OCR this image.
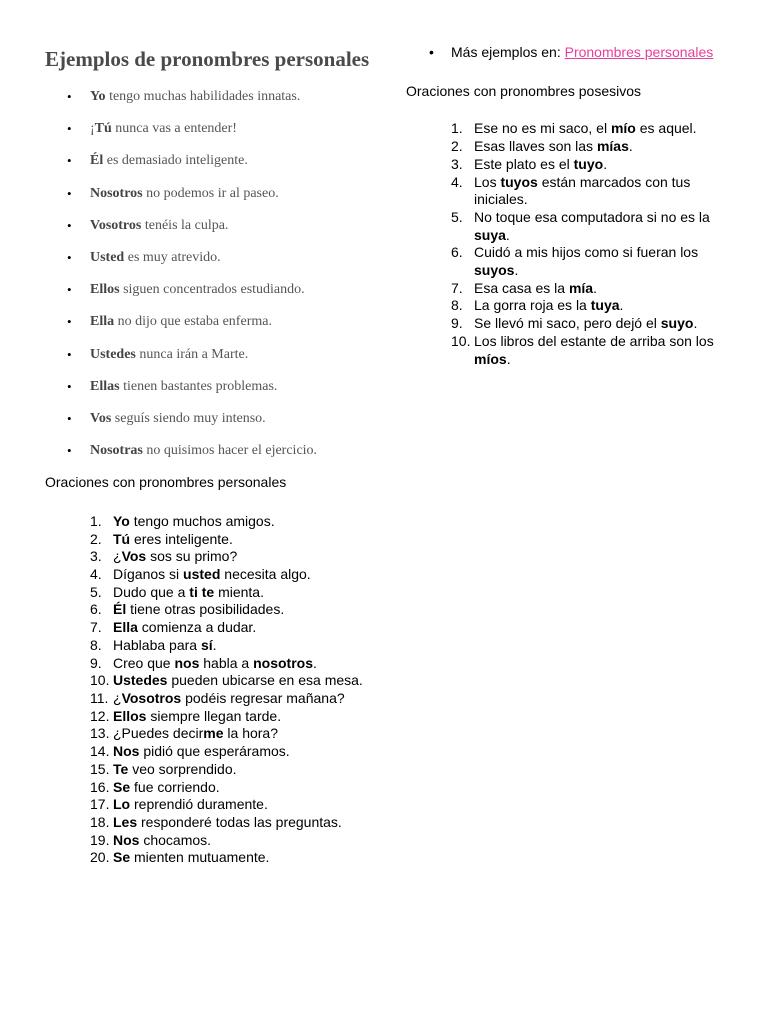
Ejemplos de pronombres personales
• Yo tengo muchas habilidades innatas.
• ¡Tú nunca vas a entender!
• Él es demasiado inteligente.
• Nosotros no podemos ir al paseo.
• Vosotros tenéis la culpa.
• Usted es muy atrevido.
• Ellos siguen concentrados estudiando.
• Ella no dijo que estaba enferma.
• Ustedes nunca irán a Marte.
• Ellas tienen bastantes problemas.
• Vos seguís siendo muy intenso.
• Nosotras no quisimos hacer el ejercicio.

Oraciones con pronombres personales

1. Yo tengo muchos amigos.
2. Tú eres inteligente.
3. ¿Vos sos su primo?
4. Díganos si usted necesita algo.
5. Dudo que a ti te mienta.
6. Él tiene otras posibilidades.
7. Ella comienza a dudar.
8. Hablaba para sí.
9. Creo que nos habla a nosotros.
10. Ustedes pueden ubicarse en esa mesa.
11. ¿Vosotros podéis regresar mañana?
12. Ellos siempre llegan tarde.
13. ¿Puedes decirme la hora?
14. Nos pidió que esperáramos.
15. Te veo sorprendido.
16. Se fue corriendo.
17. Lo reprendió duramente.
18. Les responderé todas las preguntas.
19. Nos chocamos.
20. Se mienten mutuamente.
• Más ejemplos en: Pronombres personales

Oraciones con pronombres posesivos

1. Ese no es mi saco, el mío es aquel.
2. Esas llaves son las mías.
3. Este plato es el tuyo.
4. Los tuyos están marcados con tus iniciales.
5. No toque esa computadora si no es la suya.
6. Cuidó a mis hijos como si fueran los suyos.
7. Esa casa es la mía.
8. La gorra roja es la tuya.
9. Se llevó mi saco, pero dejó el suyo.
10. Los libros del estante de arriba son los míos.
